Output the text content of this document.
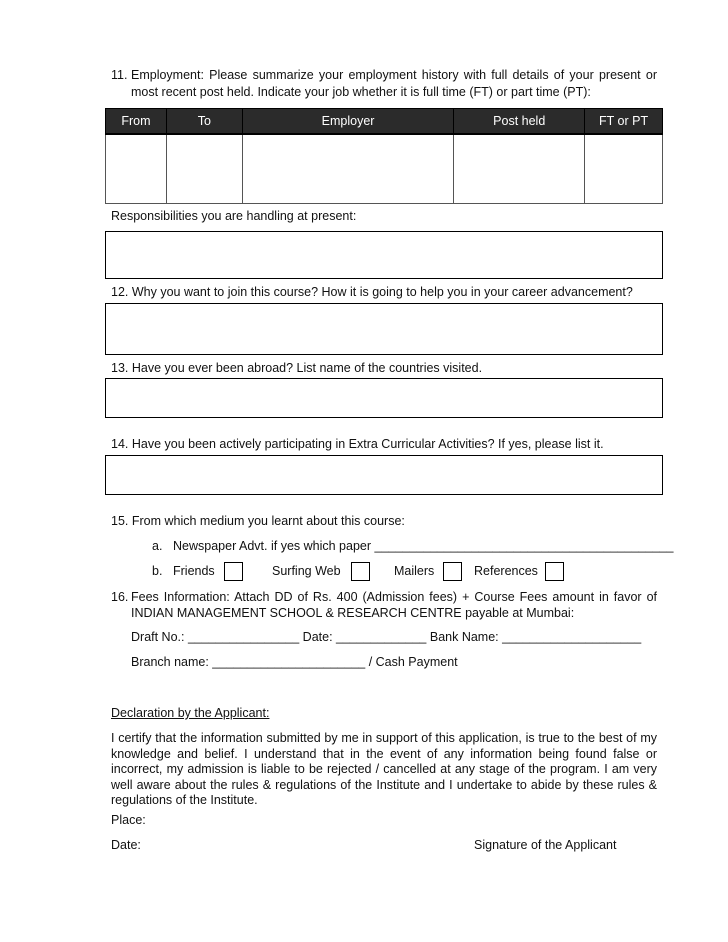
11. Employment: Please summarize your employment history with full details of your present or
most recent post held. Indicate your job whether it is full time (FT) or part time (PT):
From	To	Employer	Post held	FT or PT

Responsibilities you are handling at present:
12. Why you want to join this course? How it is going to help you in your career advancement?
13. Have you ever been abroad? List name of the countries visited.
14. Have you been actively participating in Extra Curricular Activities? If yes, please list it.
15. From which medium you learnt about this course:
a. Newspaper Advt. if yes which paper ___________________________________________
b. Friends	Surfing Web	Mailers	References
16. Fees Information: Attach DD of Rs. 400 (Admission fees) + Course Fees amount in favor of
INDIAN MANAGEMENT SCHOOL & RESEARCH CENTRE payable at Mumbai:
Draft No.: ________________ Date: _____________ Bank Name: ____________________
Branch name: ______________________ / Cash Payment
Declaration by the Applicant:
I certify that the information submitted by me in support of this application, is true to the best of my
knowledge and belief. I understand that in the event of any information being found false or
incorrect, my admission is liable to be rejected / cancelled at any stage of the program. I am very
well aware about the rules & regulations of the Institute and I undertake to abide by these rules &
regulations of the Institute.
Place:
Date:	Signature of the Applicant
